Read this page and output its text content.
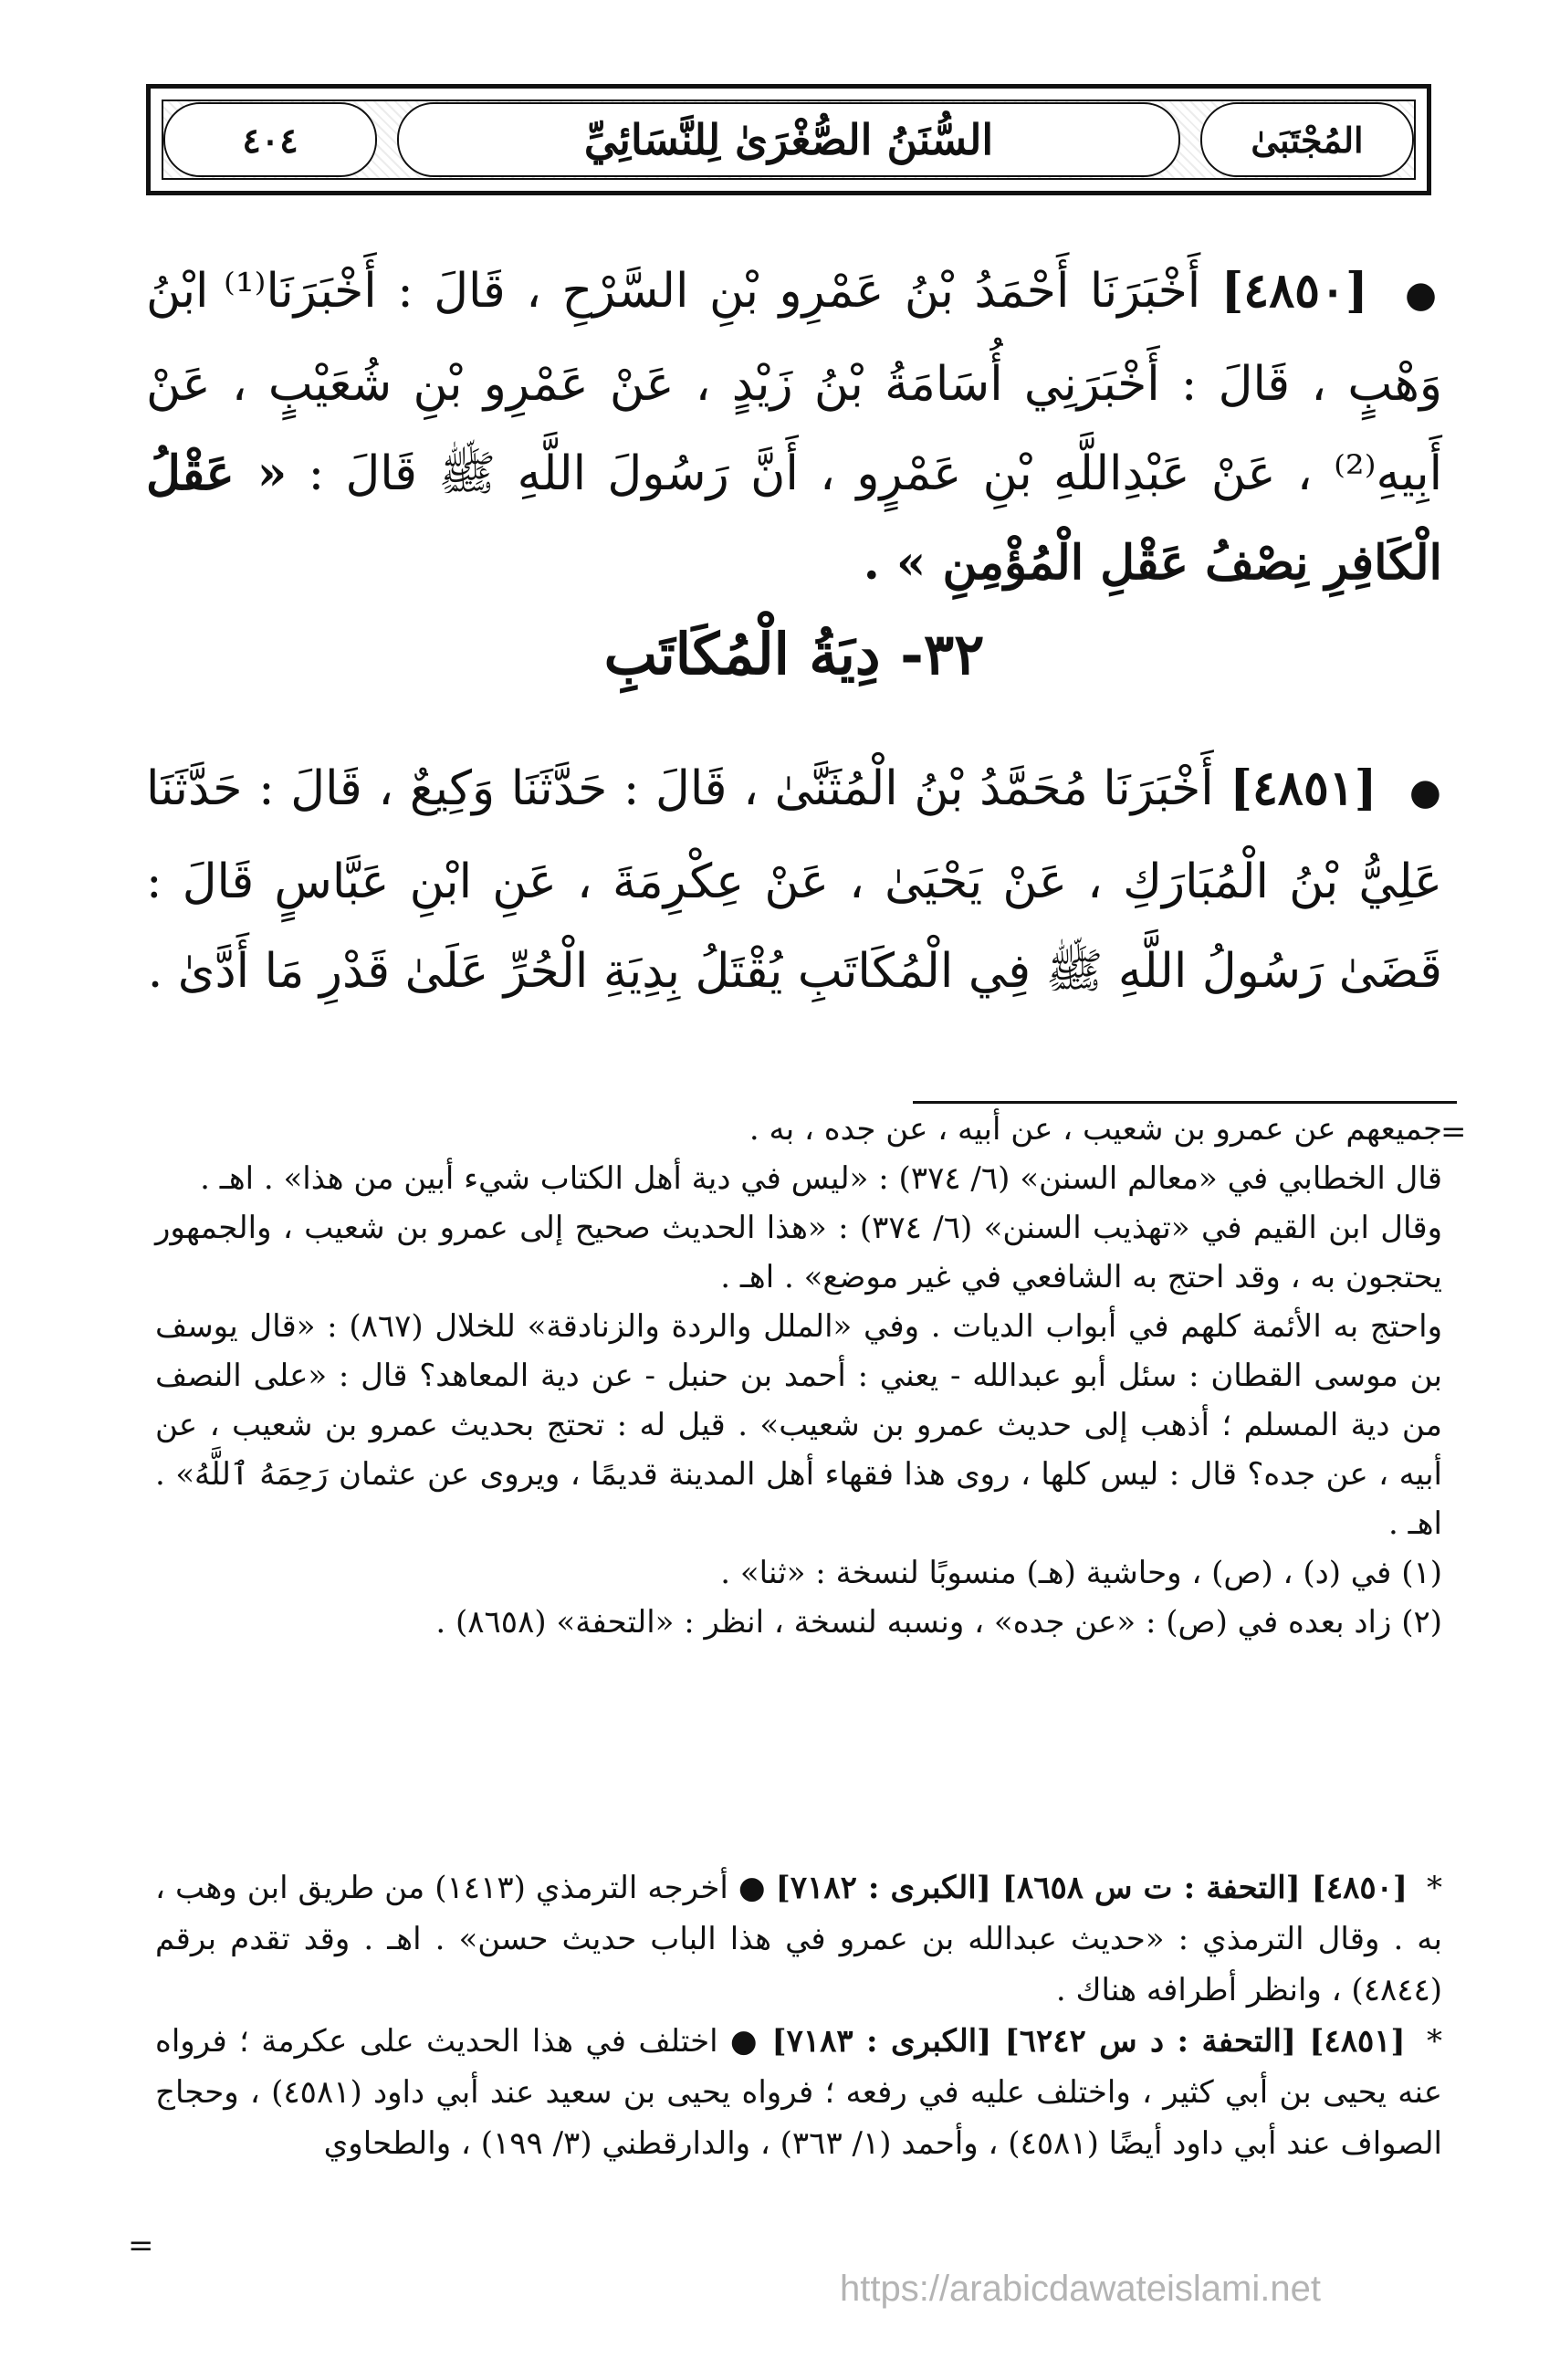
٤٠٤	السُّنَنُ الصُّغْرَىٰ لِلنَّسَائِيِّ	المُجْتَبَىٰ
● [٤٨٥٠] أَخْبَرَنَا أَحْمَدُ بْنُ عَمْرِو بْنِ السَّرْحِ ، قَالَ : أَخْبَرَنَا⁽¹⁾ ابْنُ وَهْبٍ ، قَالَ : أَخْبَرَنِي أُسَامَةُ بْنُ زَيْدٍ ، عَنْ عَمْرِو بْنِ شُعَيْبٍ ، عَنْ أَبِيهِ⁽²⁾ ، عَنْ عَبْدِاللَّهِ بْنِ عَمْرٍو ، أَنَّ رَسُولَ اللَّهِ ﷺ قَالَ : « عَقْلُ الْكَافِرِ نِصْفُ عَقْلِ الْمُؤْمِنِ » .
٣٢- دِيَةُ الْمُكَاتَبِ
● [٤٨٥١] أَخْبَرَنَا مُحَمَّدُ بْنُ الْمُثَنَّىٰ ، قَالَ : حَدَّثَنَا وَكِيعٌ ، قَالَ : حَدَّثَنَا عَلِيُّ بْنُ الْمُبَارَكِ ، عَنْ يَحْيَىٰ ، عَنْ عِكْرِمَةَ ، عَنِ ابْنِ عَبَّاسٍ قَالَ : قَضَىٰ رَسُولُ اللَّهِ ﷺ فِي الْمُكَاتَبِ يُقْتَلُ بِدِيَةِ الْحُرِّ عَلَىٰ قَدْرِ مَا أَدَّىٰ .
=

جميعهم عن عمرو بن شعيب ، عن أبيه ، عن جده ، به .

قال الخطابي في «معالم السنن» (٦/ ٣٧٤) : «ليس في دية أهل الكتاب شيء أبين من هذا» . اهـ .

وقال ابن القيم في «تهذيب السنن» (٦/ ٣٧٤) : «هذا الحديث صحيح إلى عمرو بن شعيب ، والجمهور يحتجون به ، وقد احتج به الشافعي في غير موضع» . اهـ .

واحتج به الأئمة كلهم في أبواب الديات . وفي «الملل والردة والزنادقة» للخلال (٨٦٧) : «قال يوسف بن موسى القطان : سئل أبو عبدالله - يعني : أحمد بن حنبل - عن دية المعاهد؟ قال : «على النصف من دية المسلم ؛ أذهب إلى حديث عمرو بن شعيب» . قيل له : تحتج بحديث عمرو بن شعيب ، عن أبيه ، عن جده؟ قال : ليس كلها ، روى هذا فقهاء أهل المدينة قديمًا ، ويروى عن عثمان رَحِمَهُ ٱللَّهُ» . اهـ .

(١) في (د) ، (ص) ، وحاشية (هـ) منسوبًا لنسخة : «ثنا» .

(٢) زاد بعده في (ص) : «عن جده» ، ونسبه لنسخة ، انظر : «التحفة» (٨٦٥٨) .

* [٤٨٥٠] [التحفة : ت س ٨٦٥٨] [الكبرى : ٧١٨٢] ● أخرجه الترمذي (١٤١٣) من طريق ابن وهب ، به . وقال الترمذي : «حديث عبدالله بن عمرو في هذا الباب حديث حسن» . اهـ . وقد تقدم برقم (٤٨٤٤) ، وانظر أطرافه هناك .

* [٤٨٥١] [التحفة : د س ٦٢٤٢] [الكبرى : ٧١٨٣] ● اختلف في هذا الحديث على عكرمة ؛ فرواه عنه يحيى بن أبي كثير ، واختلف عليه في رفعه ؛ فرواه يحيى بن سعيد عند أبي داود (٤٥٨١) ، وحجاج الصواف عند أبي داود أيضًا (٤٥٨١) ، وأحمد (١/ ٣٦٣) ، والدارقطني (٣/ ١٩٩) ، والطحاوي

=
https://arabicdawateislami.net
